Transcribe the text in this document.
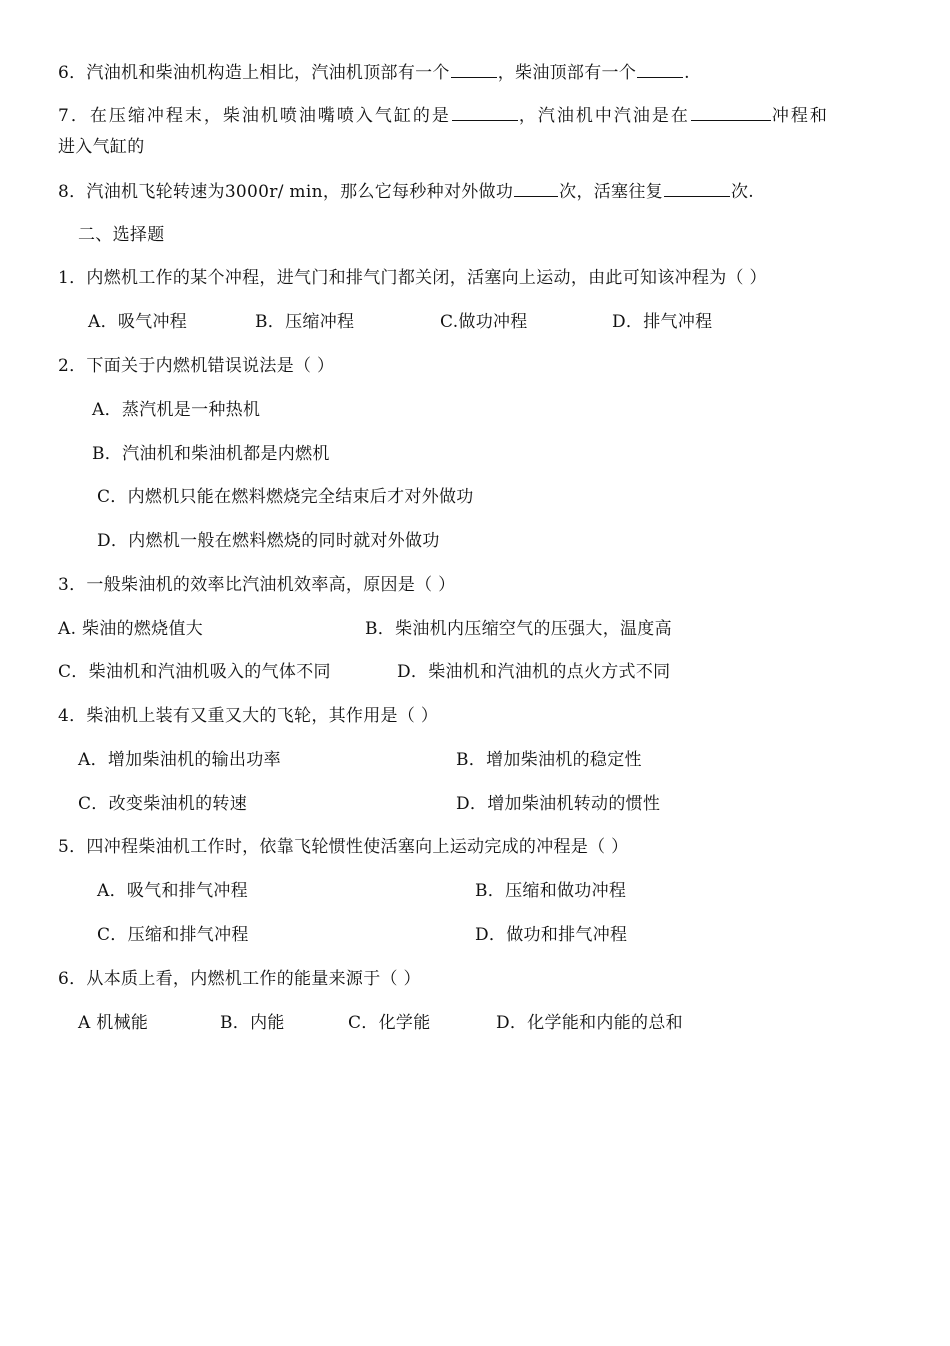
6．汽油机和柴油机构造上相比，汽油机顶部有一个	，柴油顶部有一个	.
7．在压缩冲程末，柴油机喷油嘴喷入气缸的是	，汽油机中汽油是在	冲程和
进入气缸的
8．汽油机飞轮转速为3000r/ min，那么它每秒种对外做功	次，活塞往复	次.
二、选择题
1．内燃机工作的某个冲程，进气门和排气门都关闭，活塞向上运动，由此可知该冲程为（ ）
A．吸气冲程	B．压缩冲程	C.做功冲程	D．排气冲程
2．下面关于内燃机错误说法是（ ）
A．蒸汽机是一种热机
B．汽油机和柴油机都是内燃机
C．内燃机只能在燃料燃烧完全结束后才对外做功
D．内燃机一般在燃料燃烧的同时就对外做功
3．一般柴油机的效率比汽油机效率高，原因是（ ）
A. 柴油的燃烧值大	B．柴油机内压缩空气的压强大，温度高
C．柴油机和汽油机吸入的气体不同	D．柴油机和汽油机的点火方式不同
4．柴油机上装有又重又大的飞轮，其作用是（ ）
A．增加柴油机的输出功率	B．增加柴油机的稳定性
C．改变柴油机的转速	D．增加柴油机转动的惯性
5．四冲程柴油机工作时，依靠飞轮惯性使活塞向上运动完成的冲程是（ ）
A．吸气和排气冲程	B．压缩和做功冲程
C．压缩和排气冲程	D．做功和排气冲程
6．从本质上看，内燃机工作的能量来源于（ ）
A 机械能	B．内能	C．化学能	D．化学能和内能的总和
